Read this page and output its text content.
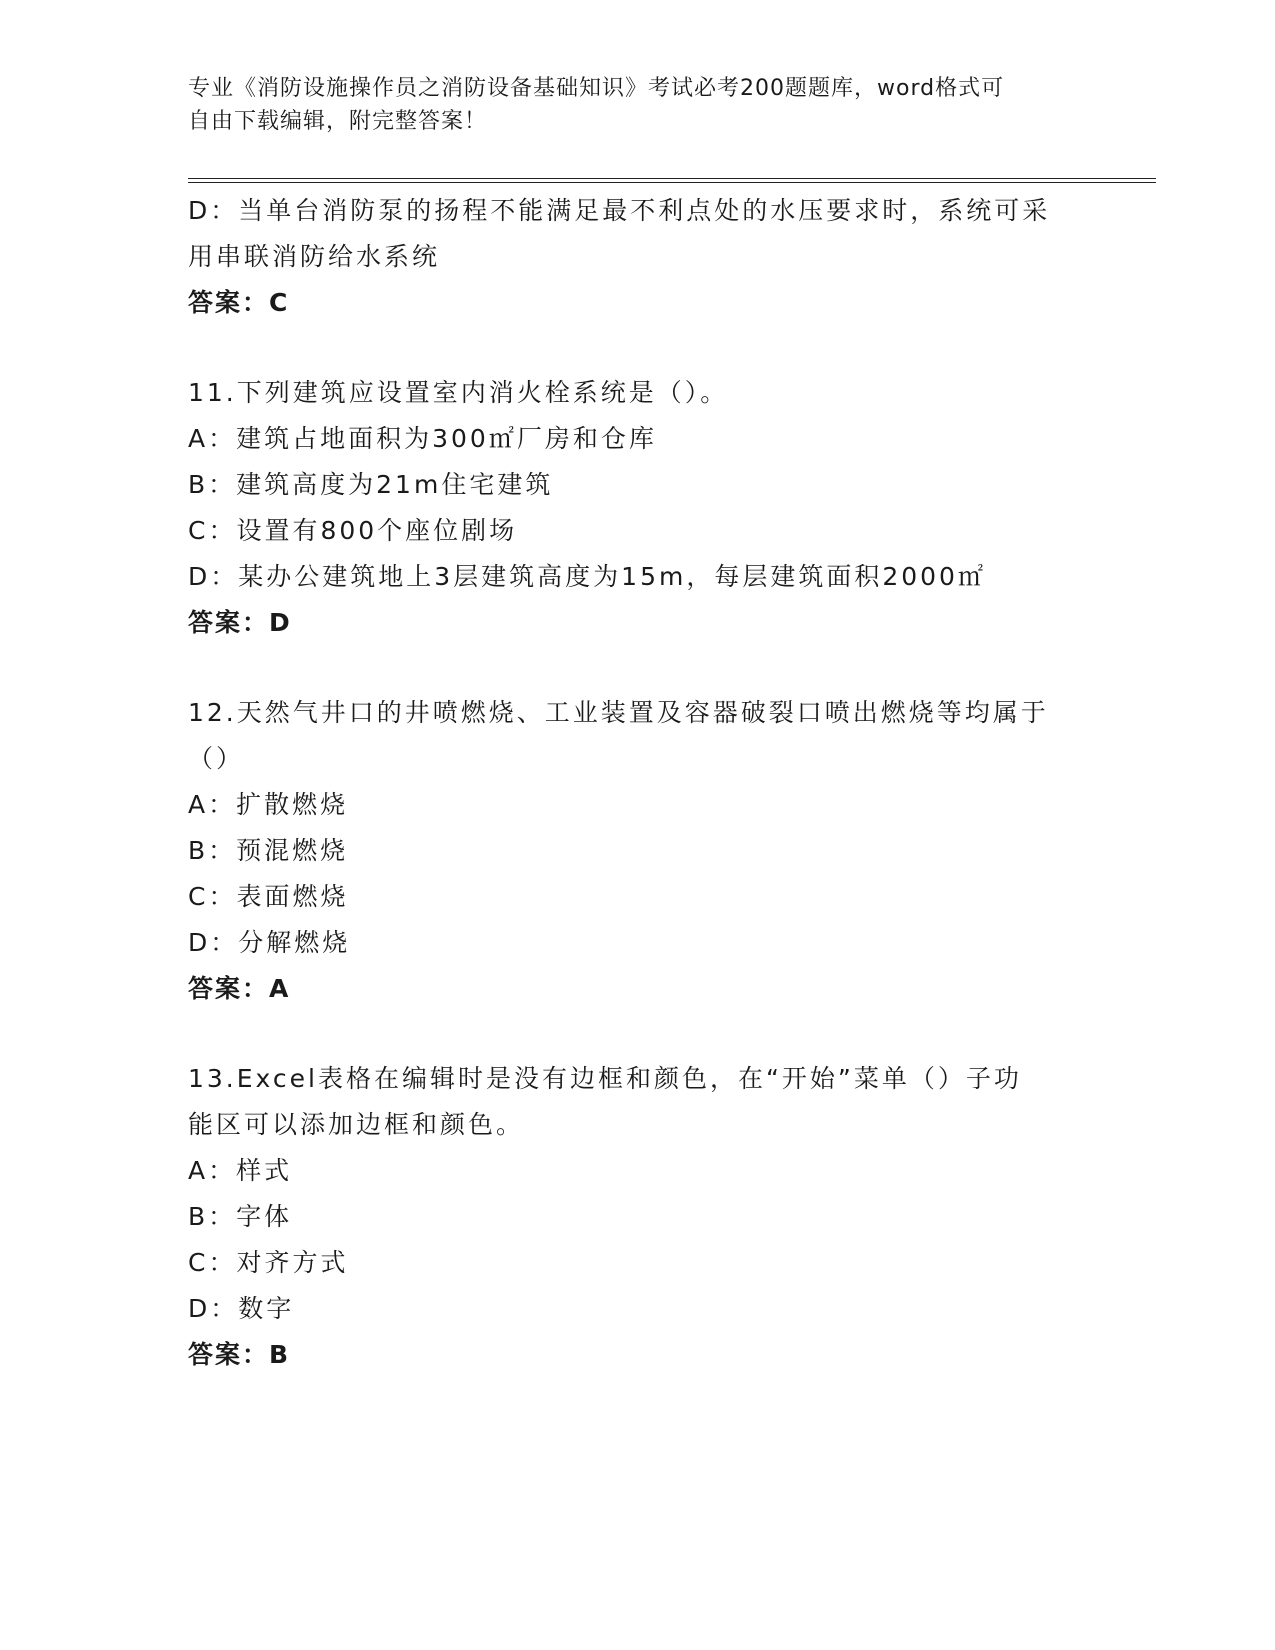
专业《消防设施操作员之消防设备基础知识》考试必考200题题库，word格式可
自由下载编辑，附完整答案！
D：当单台消防泵的扬程不能满足最不利点处的水压要求时，系统可采
用串联消防给水系统
答案：C
11.下列建筑应设置室内消火栓系统是（）。
A：建筑占地面积为300㎡厂房和仓库
B：建筑高度为21m住宅建筑
C：设置有800个座位剧场
D：某办公建筑地上3层建筑高度为15m，每层建筑面积2000㎡
答案：D
12.天然气井口的井喷燃烧、工业装置及容器破裂口喷出燃烧等均属于
（）
A：扩散燃烧
B：预混燃烧
C：表面燃烧
D：分解燃烧
答案：A
13.Excel表格在编辑时是没有边框和颜色，在“开始”菜单（）子功
能区可以添加边框和颜色。
A：样式
B：字体
C：对齐方式
D：数字
答案：B
